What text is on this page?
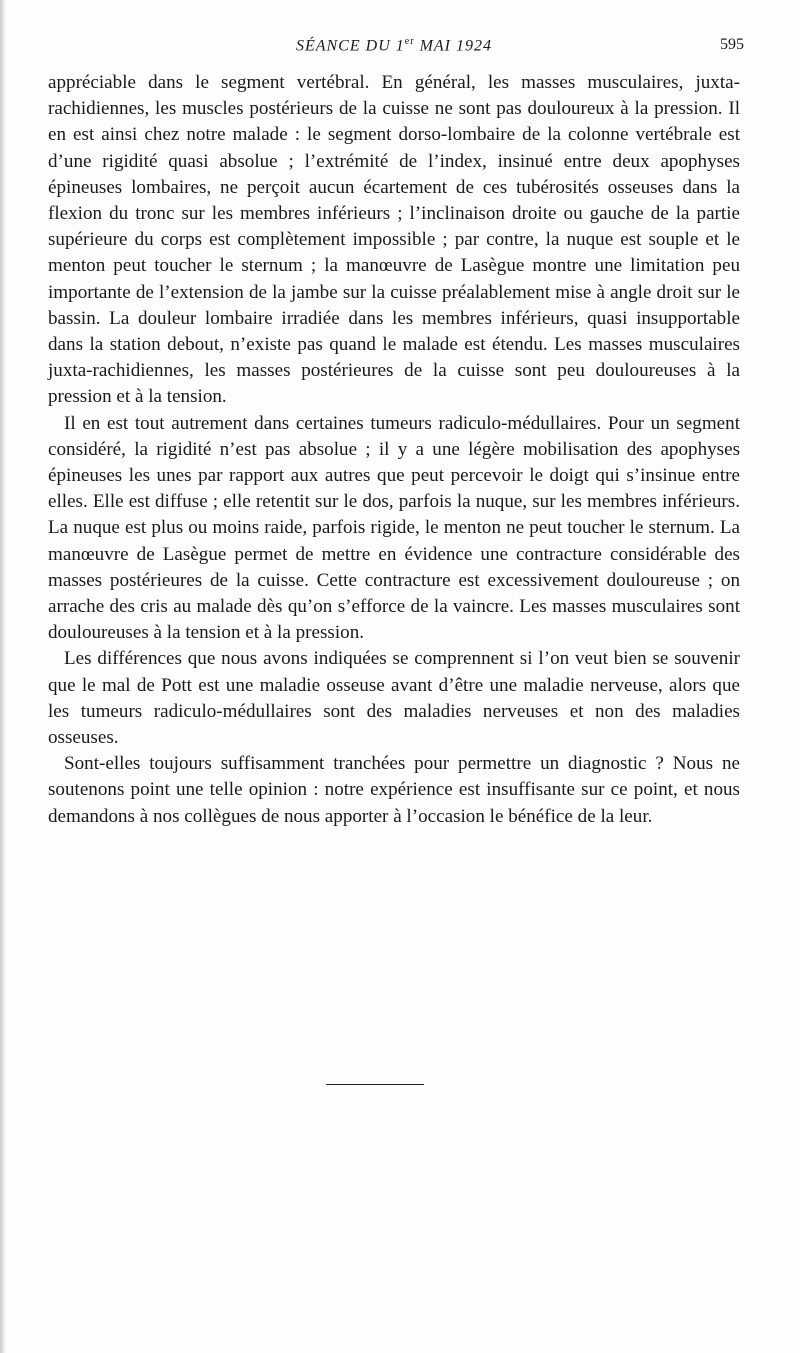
SÉANCE DU 1er MAI 1924	595

appréciable dans le segment vertébral. En général, les masses musculaires, juxta-rachidiennes, les muscles postérieurs de la cuisse ne sont pas douloureux à la pression. Il en est ainsi chez notre malade : le segment dorso-lombaire de la colonne vertébrale est d’une rigidité quasi absolue ; l’extrémité de l’index, insinué entre deux apophyses épineuses lombaires, ne perçoit aucun écartement de ces tubérosités osseuses dans la flexion du tronc sur les membres inférieurs ; l’inclinaison droite ou gauche de la partie supérieure du corps est complètement impossible ; par contre, la nuque est souple et le menton peut toucher le sternum ; la manœuvre de Lasègue montre une limitation peu importante de l’extension de la jambe sur la cuisse préalablement mise à angle droit sur le bassin. La douleur lombaire irradiée dans les membres inférieurs, quasi insupportable dans la station debout, n’existe pas quand le malade est étendu. Les masses musculaires juxta-rachidiennes, les masses postérieures de la cuisse sont peu douloureuses à la pression et à la tension.

Il en est tout autrement dans certaines tumeurs radiculo-médullaires. Pour un segment considéré, la rigidité n’est pas absolue ; il y a une légère mobilisation des apophyses épineuses les unes par rapport aux autres que peut percevoir le doigt qui s’insinue entre elles. Elle est diffuse ; elle retentit sur le dos, parfois la nuque, sur les membres inférieurs. La nuque est plus ou moins raide, parfois rigide, le menton ne peut toucher le sternum. La manœuvre de Lasègue permet de mettre en évidence une contracture considérable des masses postérieures de la cuisse. Cette contracture est excessivement douloureuse ; on arrache des cris au malade dès qu’on s’efforce de la vaincre. Les masses musculaires sont douloureuses à la tension et à la pression.

Les différences que nous avons indiquées se comprennent si l’on veut bien se souvenir que le mal de Pott est une maladie osseuse avant d’être une maladie nerveuse, alors que les tumeurs radiculo-médullaires sont des maladies nerveuses et non des maladies osseuses.

Sont-elles toujours suffisamment tranchées pour permettre un diagnostic ? Nous ne soutenons point une telle opinion : notre expérience est insuffisante sur ce point, et nous demandons à nos collègues de nous apporter à l’occasion le bénéfice de la leur.
